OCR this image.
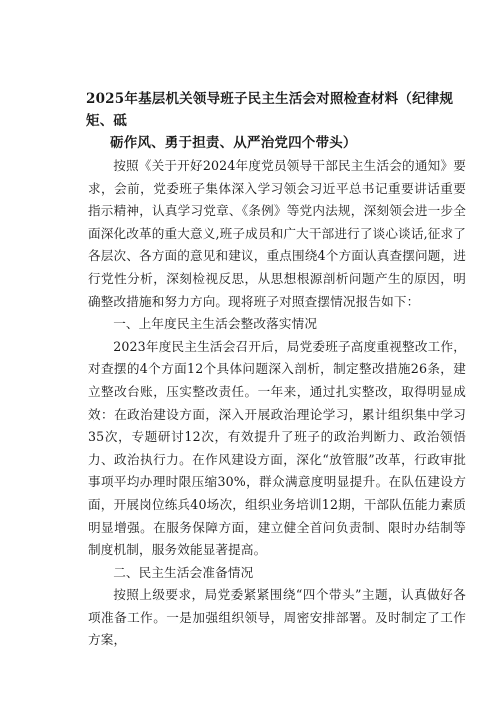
2025年基层机关领导班子民主生活会对照检查材料（纪律规矩、砥
砺作风、勇于担责、从严治党四个带头）

按照《关于开好2024年度党员领导干部民主生活会的通知》要求，会前，党委班子集体深入学习领会习近平总书记重要讲话重要指示精神，认真学习党章、《条例》等党内法规，深刻领会进一步全面深化改革的重大意义,班子成员和广大干部进行了谈心谈话,征求了各层次、各方面的意见和建议，重点围绕4个方面认真查摆问题，进行党性分析，深刻检视反思，从思想根源剖析问题产生的原因，明确整改措施和努力方向。现将班子对照查摆情况报告如下：

一、上年度民主生活会整改落实情况

2023年度民主生活会召开后，局党委班子高度重视整改工作，对查摆的4个方面12个具体问题深入剖析，制定整改措施26条，建立整改台账，压实整改责任。一年来，通过扎实整改，取得明显成效：在政治建设方面，深入开展政治理论学习，累计组织集中学习35次，专题研讨12次，有效提升了班子的政治判断力、政治领悟力、政治执行力。在作风建设方面，深化“放管服”改革，行政审批事项平均办理时限压缩30%，群众满意度明显提升。在队伍建设方面，开展岗位练兵40场次，组织业务培训12期，干部队伍能力素质明显增强。在服务保障方面，建立健全首问负责制、限时办结制等制度机制，服务效能显著提高。

二、民主生活会准备情况

按照上级要求，局党委紧紧围绕“四个带头”主题，认真做好各项准备工作。一是加强组织领导，周密安排部署。及时制定了工作方案，
